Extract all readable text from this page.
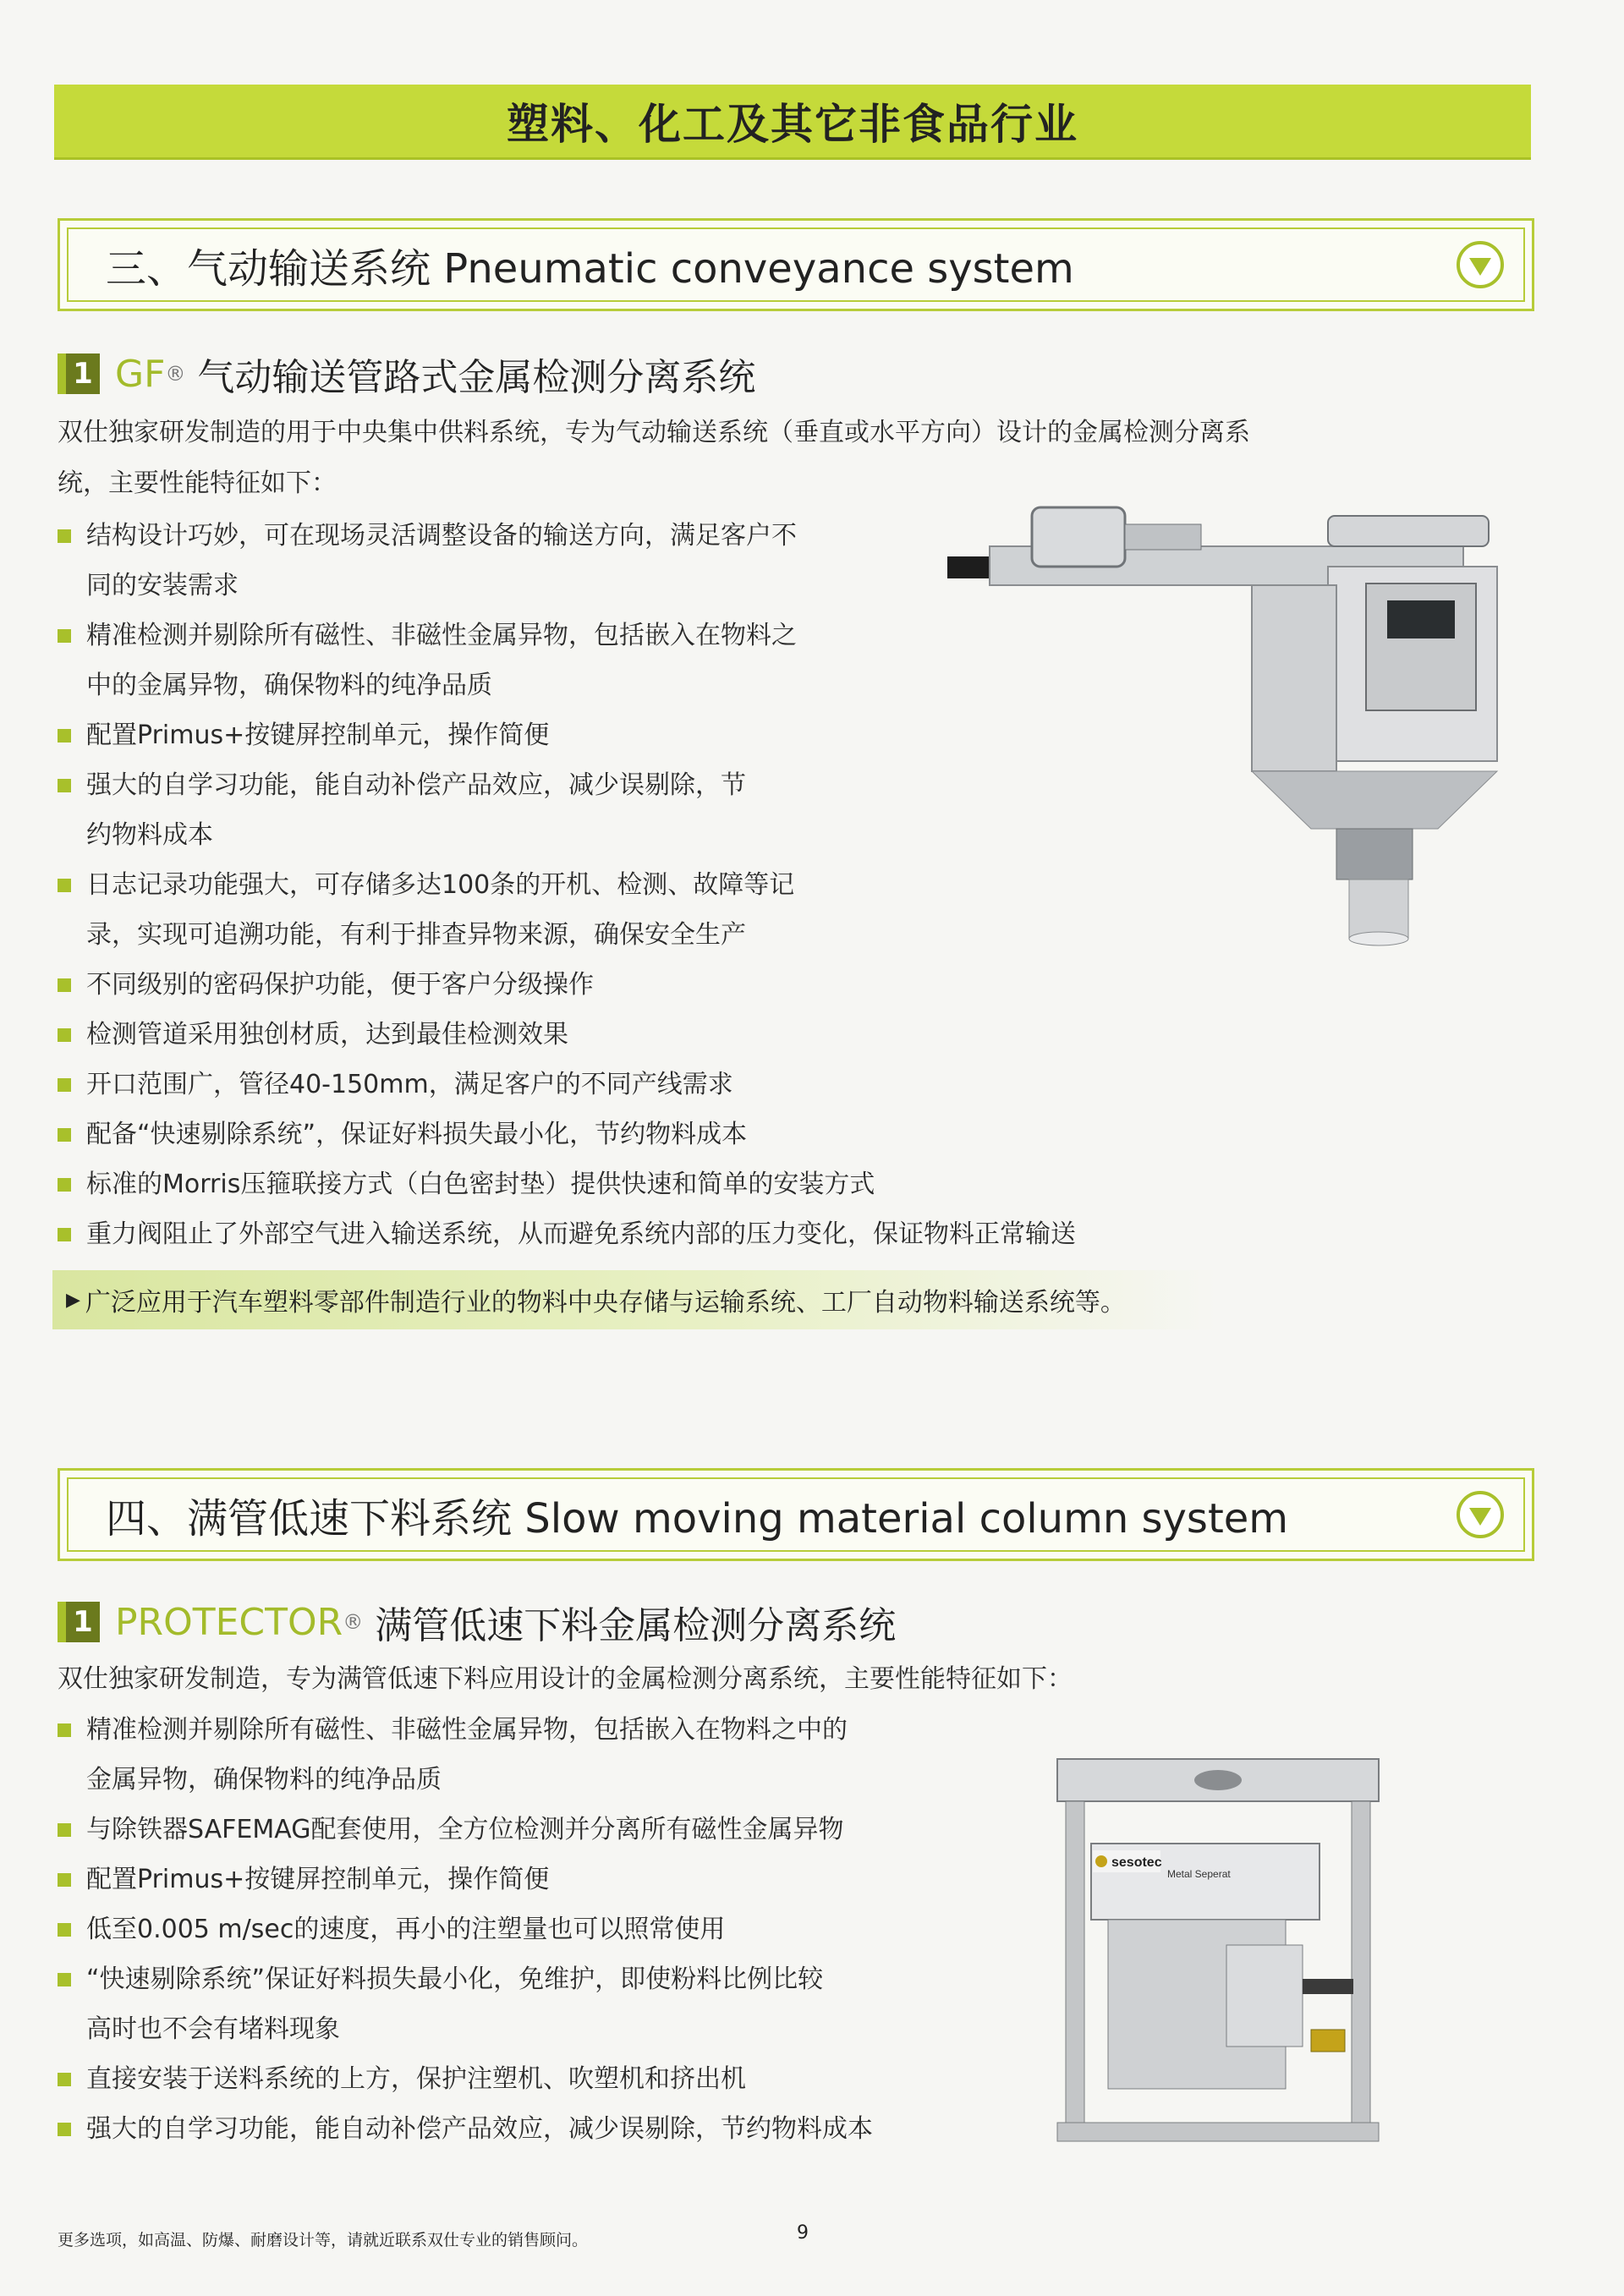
塑料、化工及其它非食品行业
三、气动输送系统 Pneumatic conveyance system
1 GF ® 气动输送管路式金属检测分离系统
双仕独家研发制造的用于中央集中供料系统，专为气动输送系统（垂直或水平方向）设计的金属检测分离系
统，主要性能特征如下：
结构设计巧妙，可在现场灵活调整设备的输送方向，满足客户不
同的安装需求
精准检测并剔除所有磁性、非磁性金属异物，包括嵌入在物料之
中的金属异物，确保物料的纯净品质
配置Primus+按键屏控制单元，操作简便
强大的自学习功能，能自动补偿产品效应，减少误剔除，节
约物料成本
日志记录功能强大，可存储多达100条的开机、检测、故障等记
录，实现可追溯功能，有利于排查异物来源，确保安全生产
不同级别的密码保护功能，便于客户分级操作
检测管道采用独创材质，达到最佳检测效果
开口范围广，管径40-150mm，满足客户的不同产线需求
配备“快速剔除系统”，保证好料损失最小化，节约物料成本
标准的Morris压箍联接方式（白色密封垫）提供快速和简单的安装方式
重力阀阻止了外部空气进入输送系统，从而避免系统内部的压力变化，保证物料正常输送
▶ 广泛应用于汽车塑料零部件制造行业的物料中央存储与运输系统、工厂自动物料输送系统等。
四、满管低速下料系统 Slow moving material column system
1 PROTECTOR ® 满管低速下料金属检测分离系统
双仕独家研发制造，专为满管低速下料应用设计的金属检测分离系统，主要性能特征如下：
精准检测并剔除所有磁性、非磁性金属异物，包括嵌入在物料之中的
金属异物，确保物料的纯净品质
与除铁器SAFEMAG配套使用，全方位检测并分离所有磁性金属异物
配置Primus+按键屏控制单元，操作简便
低至0.005 m/sec的速度，再小的注塑量也可以照常使用
“快速剔除系统”保证好料损失最小化，免维护，即使粉料比例比较
高时也不会有堵料现象
直接安装于送料系统的上方，保护注塑机、吹塑机和挤出机
强大的自学习功能，能自动补偿产品效应，减少误剔除，节约物料成本
sesotec
Metal Seperat
更多选项，如高温、防爆、耐磨设计等，请就近联系双仕专业的销售顾问。	9
